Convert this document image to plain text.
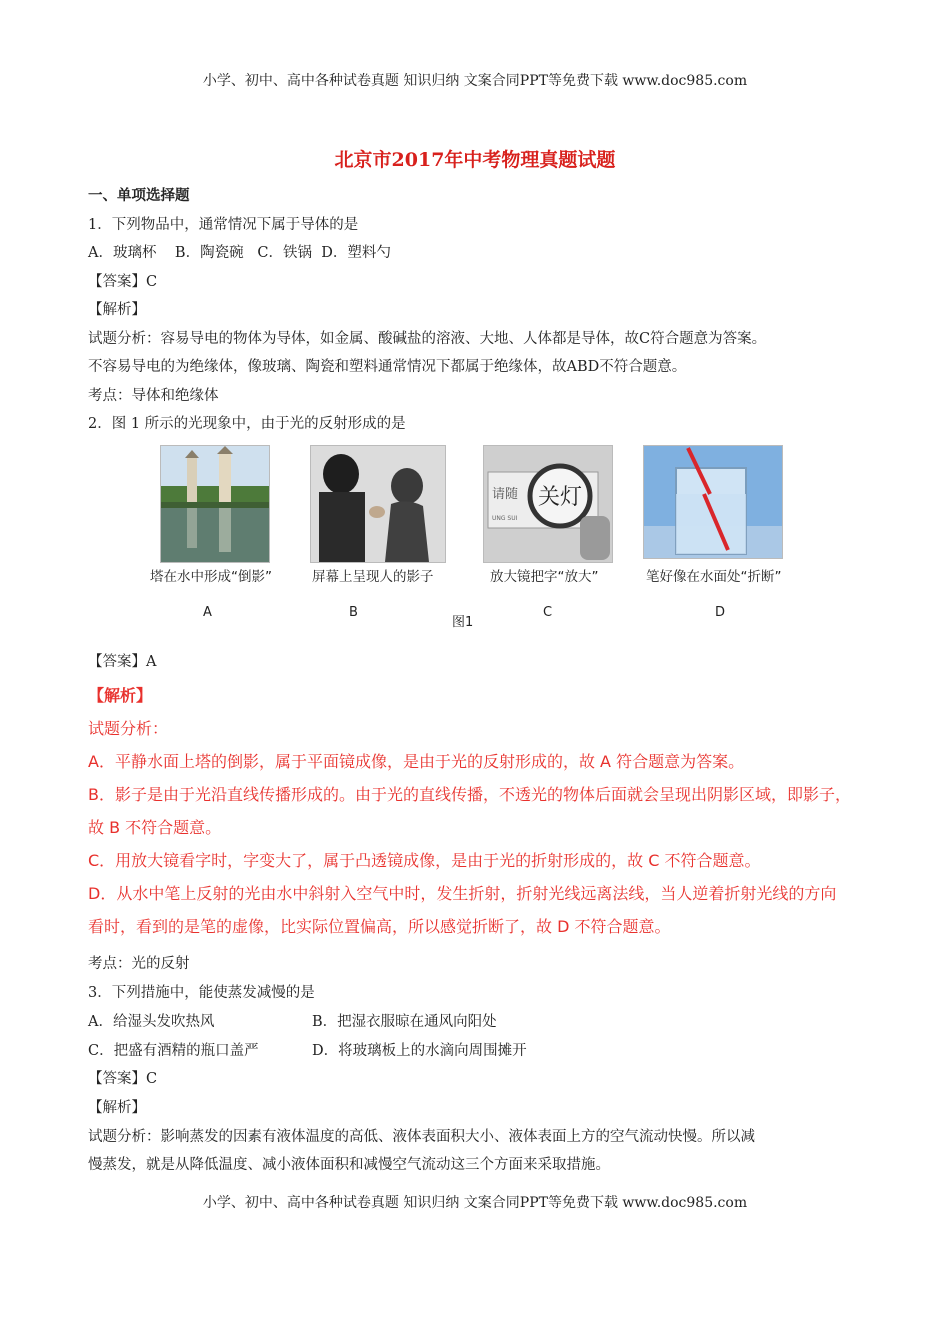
小学、初中、高中各种试卷真题 知识归纳 文案合同PPT等免费下载 www.doc985.com
北京市2017年中考物理真题试题
一、单项选择题
1．下列物品中，通常情况下属于导体的是
A．玻璃杯    B．陶瓷碗   C．铁锅  D．塑料勺
【答案】C
【解析】
试题分析：容易导电的物体为导体，如金属、酸碱盐的溶液、大地、人体都是导体，故C符合题意为答案。
不容易导电的为绝缘体，像玻璃、陶瓷和塑料通常情况下都属于绝缘体，故ABD不符合题意。
考点：导体和绝缘体
2．图 1 所示的光现象中，由于光的反射形成的是
请随 关灯
UNG SUI
塔在水中形成“倒影”	屏幕上呈现人的影子	放大镜把字“放大”	笔好像在水面处“折断”
A	B
图1
C	D
【答案】A
【解析】
试题分析：
A．平静水面上塔的倒影，属于平面镜成像，是由于光的反射形成的，故 A 符合题意为答案。
B．影子是由于光沿直线传播形成的。由于光的直线传播，不透光的物体后面就会呈现出阴影区域，即影子，
故 B 不符合题意。
C．用放大镜看字时，字变大了，属于凸透镜成像，是由于光的折射形成的，故 C 不符合题意。
D．从水中笔上反射的光由水中斜射入空气中时，发生折射，折射光线远离法线，当人逆着折射光线的方向
看时，看到的是笔的虚像，比实际位置偏高，所以感觉折断了，故 D 不符合题意。
考点：光的反射
3．下列措施中，能使蒸发减慢的是
A．给湿头发吹热风	B．把湿衣服晾在通风向阳处
C．把盛有酒精的瓶口盖严	D．将玻璃板上的水滴向周围摊开
【答案】C
【解析】
试题分析：影响蒸发的因素有液体温度的高低、液体表面积大小、液体表面上方的空气流动快慢。所以减
慢蒸发，就是从降低温度、减小液体面积和减慢空气流动这三个方面来采取措施。
小学、初中、高中各种试卷真题 知识归纳 文案合同PPT等免费下载 www.doc985.com
